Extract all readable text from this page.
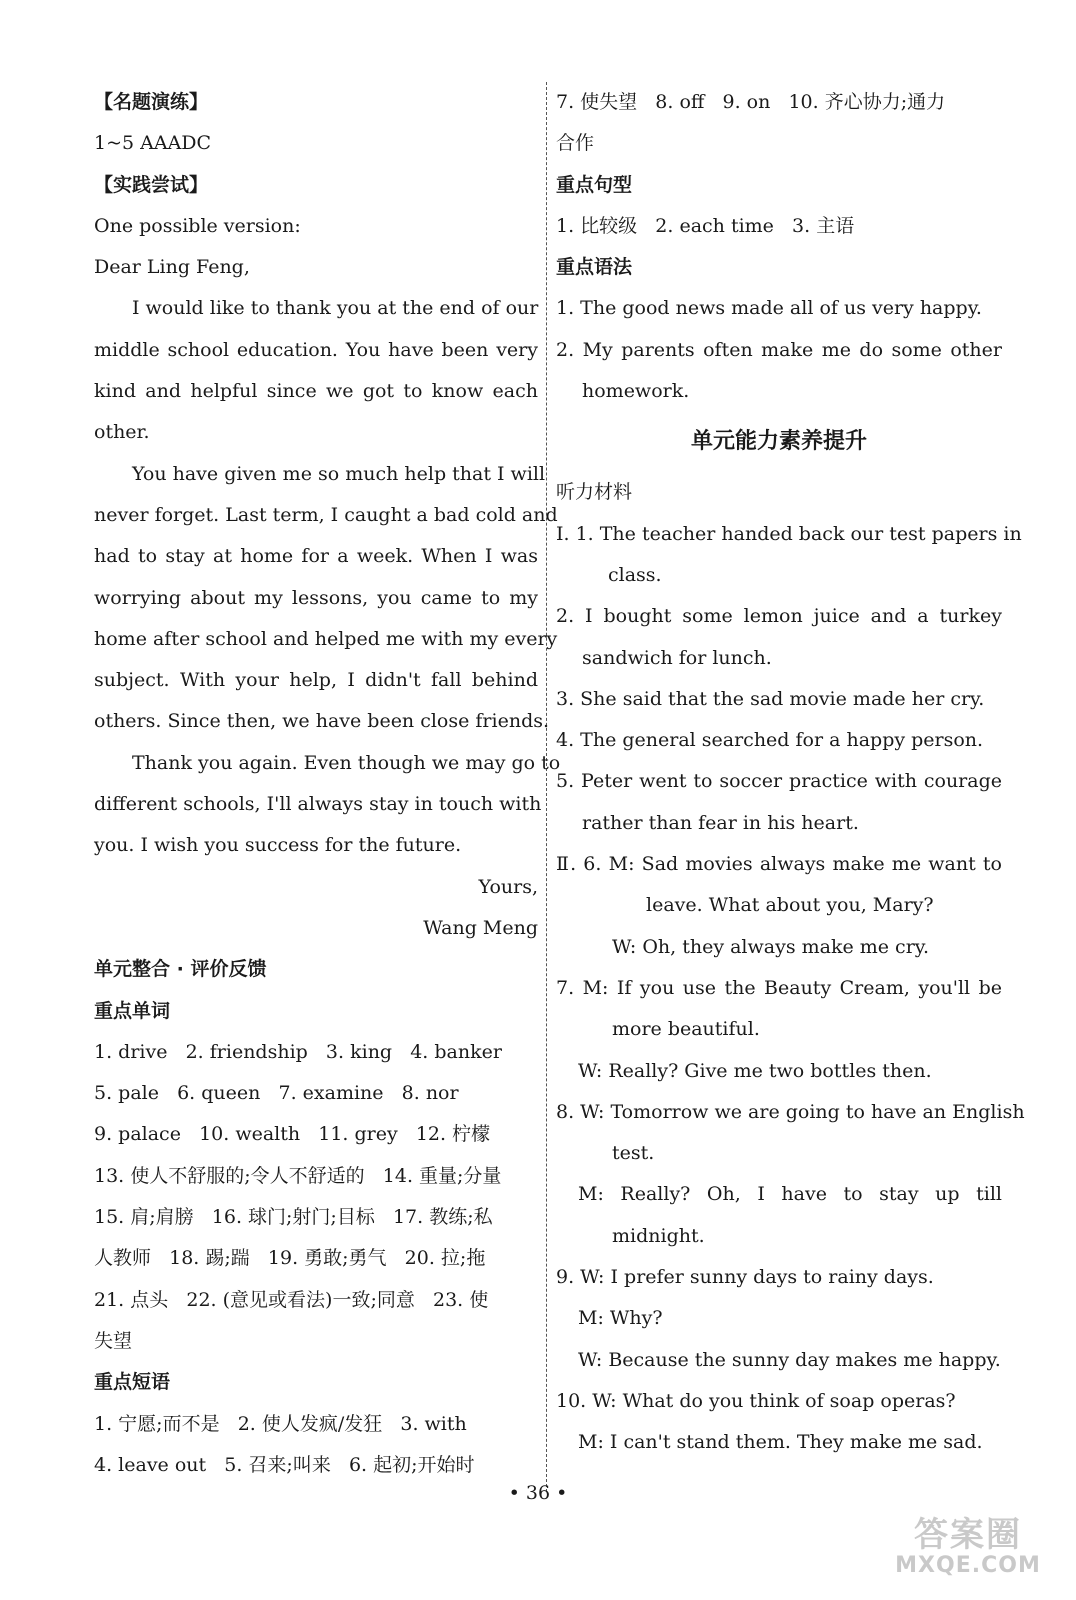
【名题演练】
1~5 AAADC
【实践尝试】
One possible version:
Dear Ling Feng,
I would like to thank you at the end of our
middle school education. You have been very
kind and helpful since we got to know each
other.
You have given me so much help that I will
never forget. Last term, I caught a bad cold and
had to stay at home for a week. When I was
worrying about my lessons, you came to my
home after school and helped me with my every
subject. With your help, I didn't fall behind
others. Since then, we have been close friends.
Thank you again. Even though we may go to
different schools, I'll always stay in touch with
you. I wish you success for the future.
Yours,
Wang Meng
单元整合 · 评价反馈
重点单词
1. drive   2. friendship   3. king   4. banker
5. pale   6. queen   7. examine   8. nor
9. palace   10. wealth   11. grey   12. 柠檬
13. 使人不舒服的;令人不舒适的   14. 重量;分量
15. 肩;肩膀   16. 球门;射门;目标   17. 教练;私
人教师   18. 踢;踹   19. 勇敢;勇气   20. 拉;拖
21. 点头   22. (意见或看法)一致;同意   23. 使
失望
重点短语
1. 宁愿;而不是   2. 使人发疯/发狂   3. with
4. leave out   5. 召来;叫来   6. 起初;开始时
7. 使失望   8. off   9. on   10. 齐心协力;通力
合作
重点句型
1. 比较级   2. each time   3. 主语
重点语法
1. The good news made all of us very happy.
2. My parents often make me do some other
homework.
单元能力素养提升
听力材料
Ⅰ. 1. The teacher handed back our test papers in
class.
2. I bought some lemon juice and a turkey
sandwich for lunch.
3. She said that the sad movie made her cry.
4. The general searched for a happy person.
5. Peter went to soccer practice with courage
rather than fear in his heart.
Ⅱ. 6. M: Sad movies always make me want to
leave. What about you, Mary?
W: Oh, they always make me cry.
7. M: If you use the Beauty Cream, you'll be
more beautiful.
W: Really? Give me two bottles then.
8. W: Tomorrow we are going to have an English
test.
M: Really? Oh, I have to stay up till
midnight.
9. W: I prefer sunny days to rainy days.
M: Why?
W: Because the sunny day makes me happy.
10. W: What do you think of soap operas?
M: I can't stand them. They make me sad.
• 36 •
答案圈
MXQE.COM
